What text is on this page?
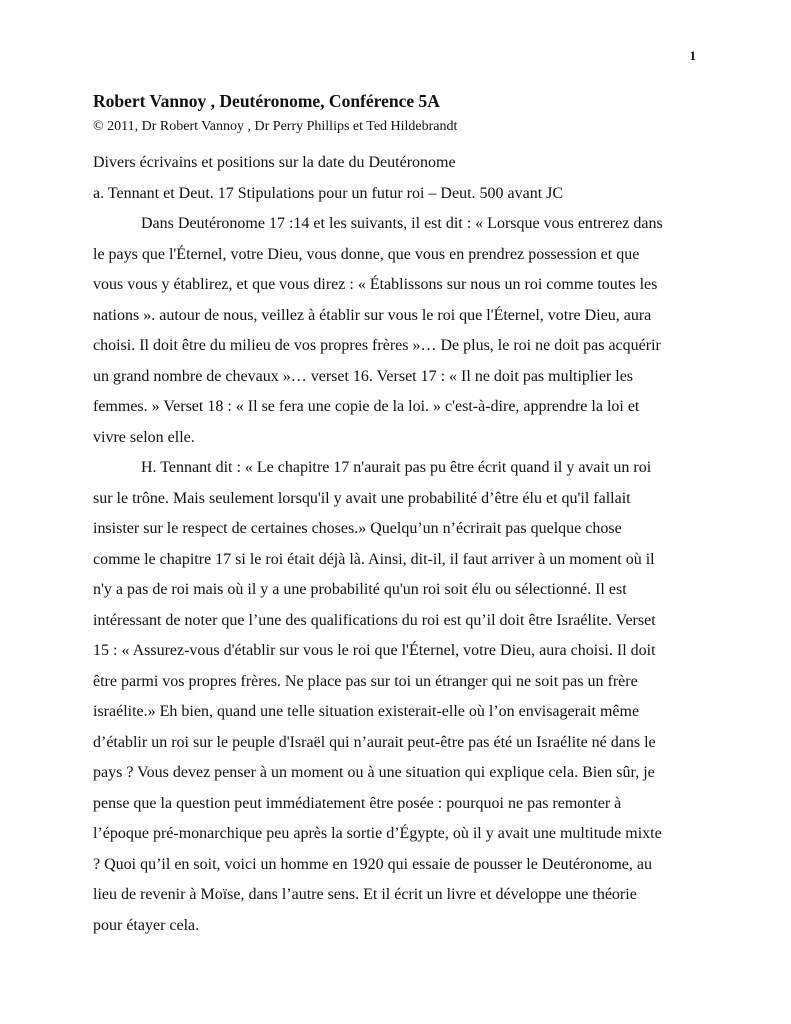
1
Robert Vannoy , Deutéronome, Conférence 5A
© 2011, Dr Robert Vannoy , Dr Perry Phillips et Ted Hildebrandt
Divers écrivains et positions sur la date du Deutéronome
a. Tennant et Deut. 17 Stipulations pour un futur roi – Deut. 500 avant JC
Dans Deutéronome 17 :14 et les suivants, il est dit : « Lorsque vous entrerez dans
le pays que l'Éternel, votre Dieu, vous donne, que vous en prendrez possession et que
vous vous y établirez, et que vous direz : « Établissons sur nous un roi comme toutes les
nations ». autour de nous, veillez à établir sur vous le roi que l'Éternel, votre Dieu, aura
choisi. Il doit être du milieu de vos propres frères »… De plus, le roi ne doit pas acquérir
un grand nombre de chevaux »… verset 16. Verset 17 : « Il ne doit pas multiplier les
femmes. » Verset 18 : « Il se fera une copie de la loi. » c'est-à-dire, apprendre la loi et
vivre selon elle.
H. Tennant dit : « Le chapitre 17 n'aurait pas pu être écrit quand il y avait un roi
sur le trône. Mais seulement lorsqu'il y avait une probabilité d’être élu et qu'il fallait
insister sur le respect de certaines choses.» Quelqu’un n’écrirait pas quelque chose
comme le chapitre 17 si le roi était déjà là. Ainsi, dit-il, il faut arriver à un moment où il
n'y a pas de roi mais où il y a une probabilité qu'un roi soit élu ou sélectionné. Il est
intéressant de noter que l’une des qualifications du roi est qu’il doit être Israélite. Verset
15 : « Assurez-vous d'établir sur vous le roi que l'Éternel, votre Dieu, aura choisi. Il doit
être parmi vos propres frères. Ne place pas sur toi un étranger qui ne soit pas un frère
israélite.» Eh bien, quand une telle situation existerait-elle où l’on envisagerait même
d’établir un roi sur le peuple d'Israël qui n’aurait peut-être pas été un Israélite né dans le
pays ? Vous devez penser à un moment ou à une situation qui explique cela. Bien sûr, je
pense que la question peut immédiatement être posée : pourquoi ne pas remonter à
l’époque pré-monarchique peu après la sortie d’Égypte, où il y avait une multitude mixte
? Quoi qu’il en soit, voici un homme en 1920 qui essaie de pousser le Deutéronome, au
lieu de revenir à Moïse, dans l’autre sens. Et il écrit un livre et développe une théorie
pour étayer cela.
